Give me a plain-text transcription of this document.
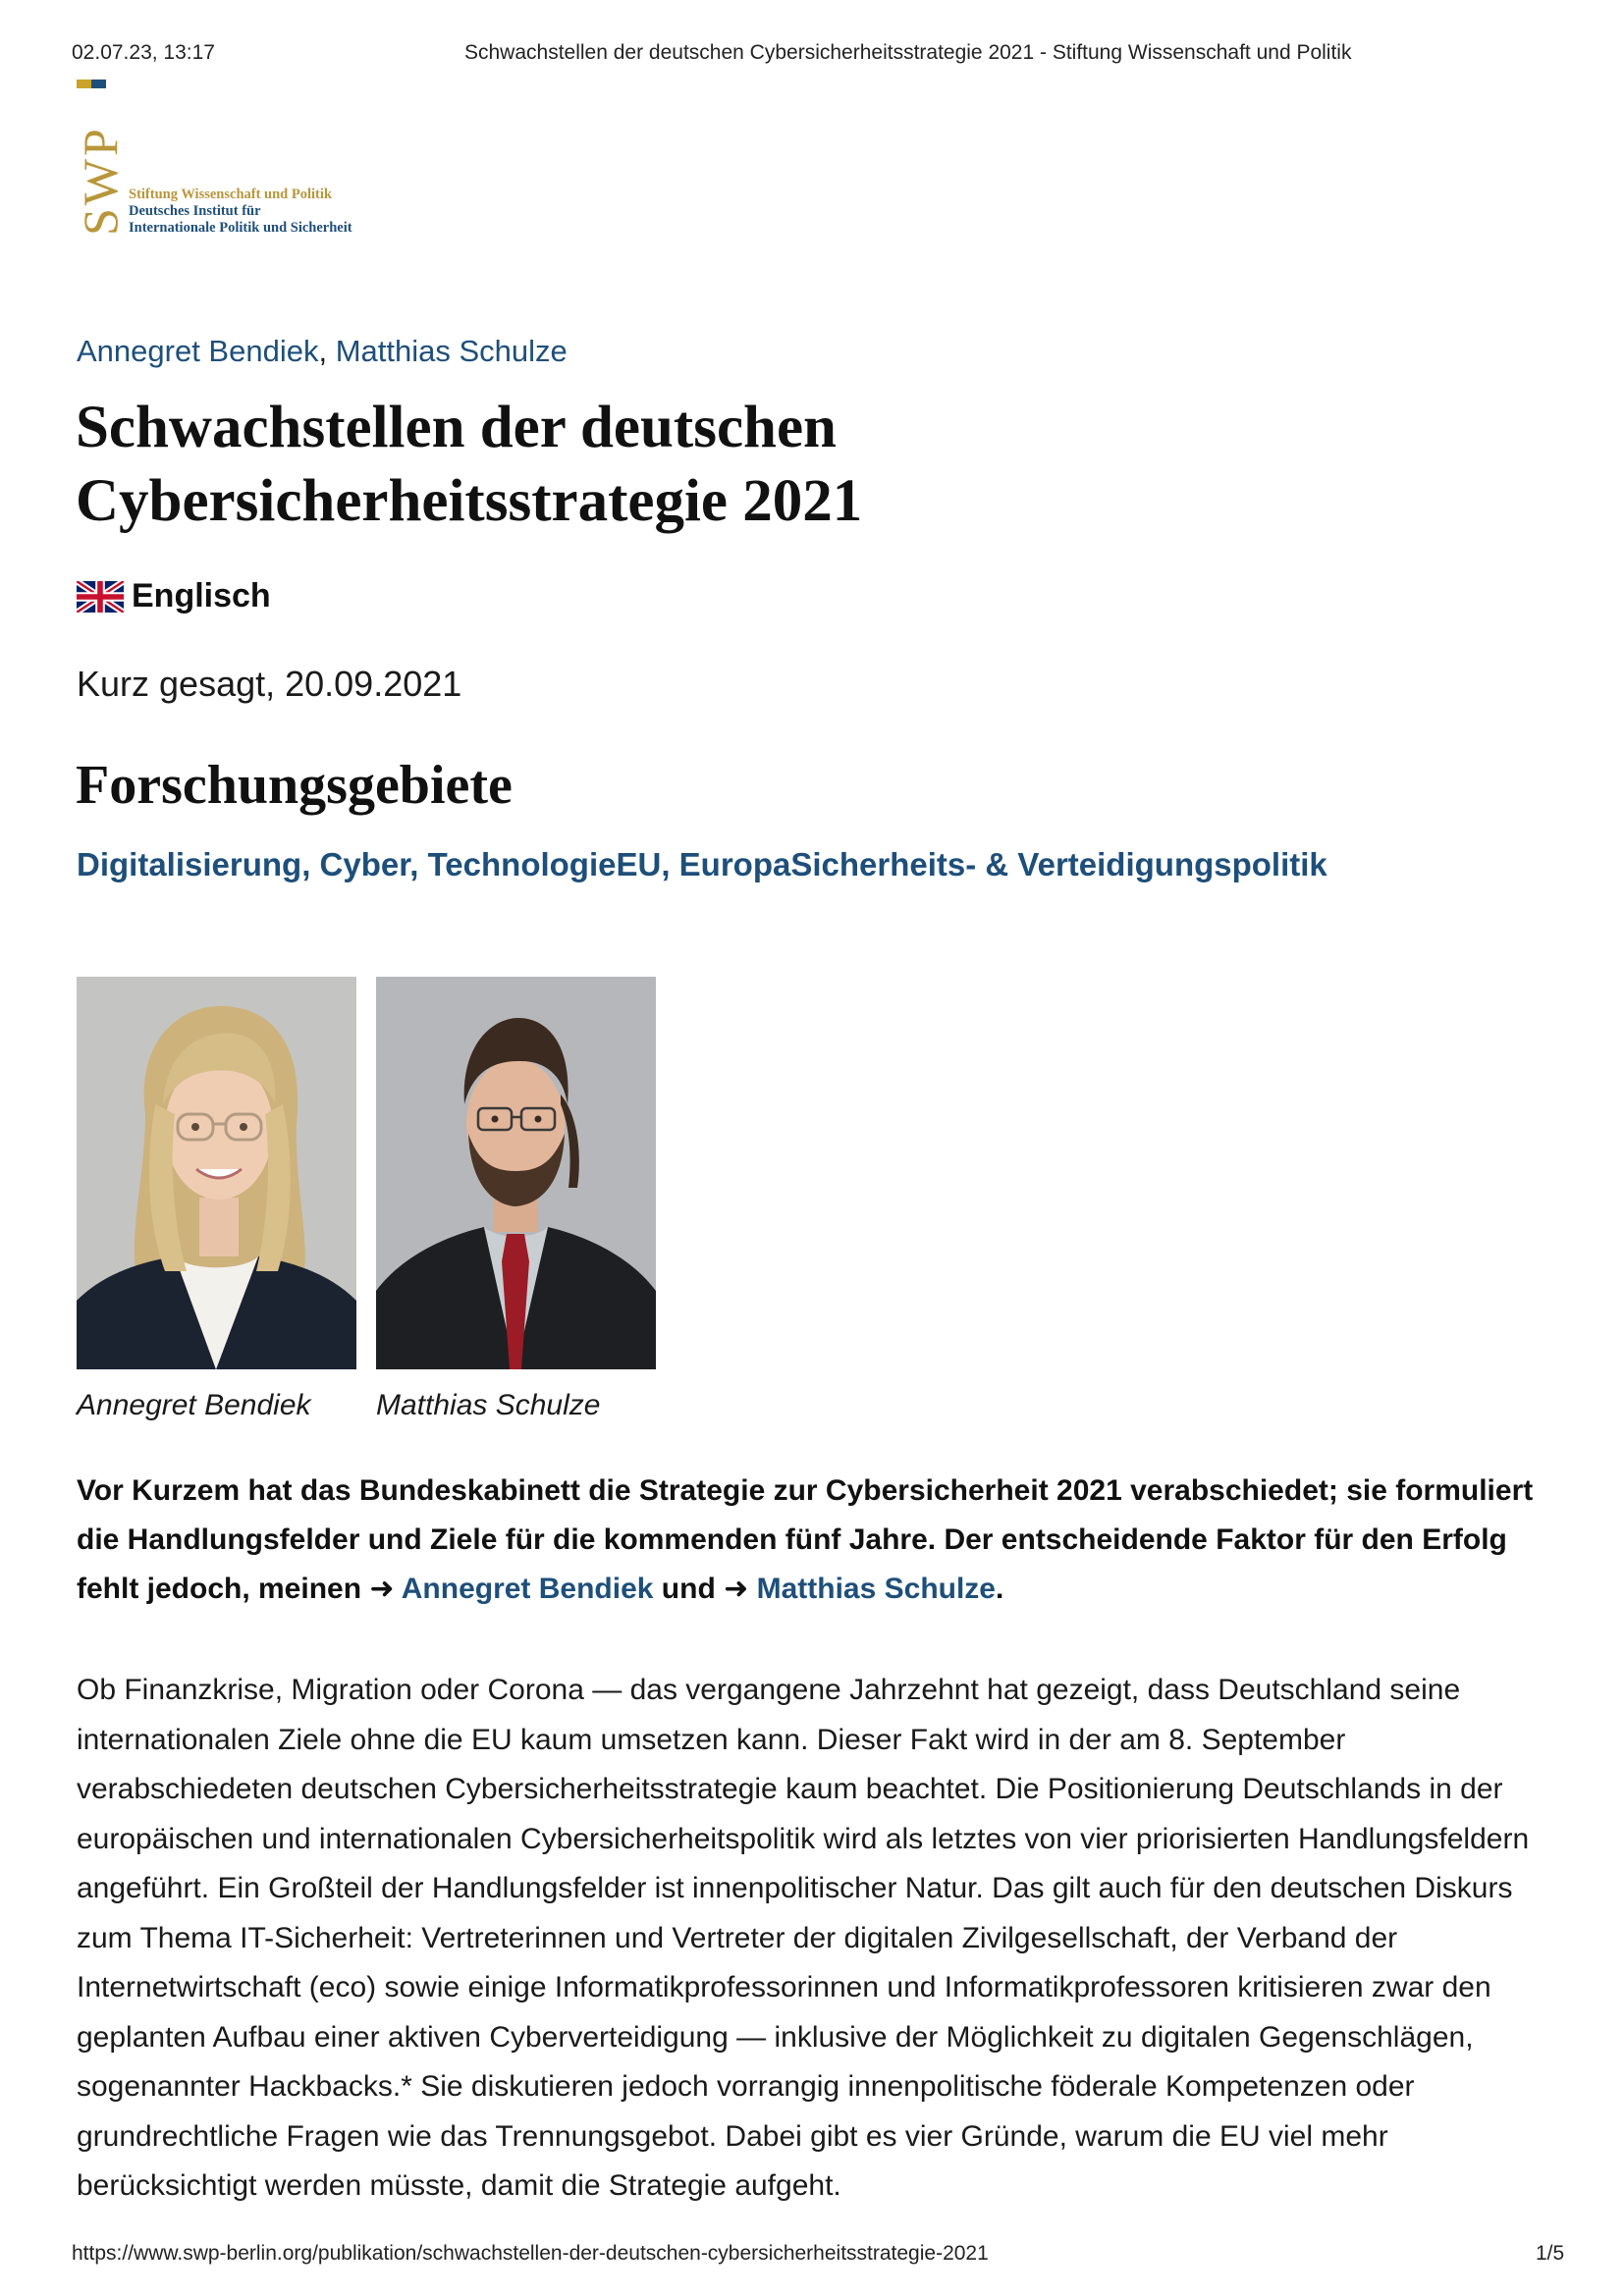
02.07.23, 13:17	Schwachstellen der deutschen Cybersicherheitsstrategie 2021 - Stiftung Wissenschaft und Politik
SWP Stiftung Wissenschaft und Politik
Deutsches Institut für
Internationale Politik und Sicherheit
Annegret Bendiek, Matthias Schulze
Schwachstellen der deutschen
Cybersicherheitsstrategie 2021
Englisch
Kurz gesagt, 20.09.2021
Forschungsgebiete
Digitalisierung, Cyber, TechnologieEU, EuropaSicherheits- & Verteidigungspolitik
Annegret Bendiek Matthias Schulze

Vor Kurzem hat das Bundeskabinett die Strategie zur Cybersicherheit 2021 verabschiedet; sie formuliert die Handlungsfelder und Ziele für die kommenden fünf Jahre. Der entscheidende Faktor für den Erfolg fehlt jedoch, meinen ➜ Annegret Bendiek und ➜ Matthias Schulze.

Ob Finanzkrise, Migration oder Corona — das vergangene Jahrzehnt hat gezeigt, dass Deutschland seine internationalen Ziele ohne die EU kaum umsetzen kann. Dieser Fakt wird in der am 8. September verabschiedeten deutschen Cybersicherheitsstrategie kaum beachtet. Die Positionierung Deutschlands in der europäischen und internationalen Cybersicherheitspolitik wird als letztes von vier priorisierten Handlungsfeldern angeführt. Ein Großteil der Handlungsfelder ist innenpolitischer Natur. Das gilt auch für den deutschen Diskurs zum Thema IT-Sicherheit: Vertreterinnen und Vertreter der digitalen Zivilgesellschaft, der Verband der Internetwirtschaft (eco) sowie einige Informatikprofessorinnen und Informatikprofessoren kritisieren zwar den geplanten Aufbau einer aktiven Cyberverteidigung — inklusive der Möglichkeit zu digitalen Gegenschlägen, sogenannter Hackbacks.* Sie diskutieren jedoch vorrangig innenpolitische föderale Kompetenzen oder grundrechtliche Fragen wie das Trennungsgebot. Dabei gibt es vier Gründe, warum die EU viel mehr berücksichtigt werden müsste, damit die Strategie aufgeht.

https://www.swp-berlin.org/publikation/schwachstellen-der-deutschen-cybersicherheitsstrategie-2021	1/5
